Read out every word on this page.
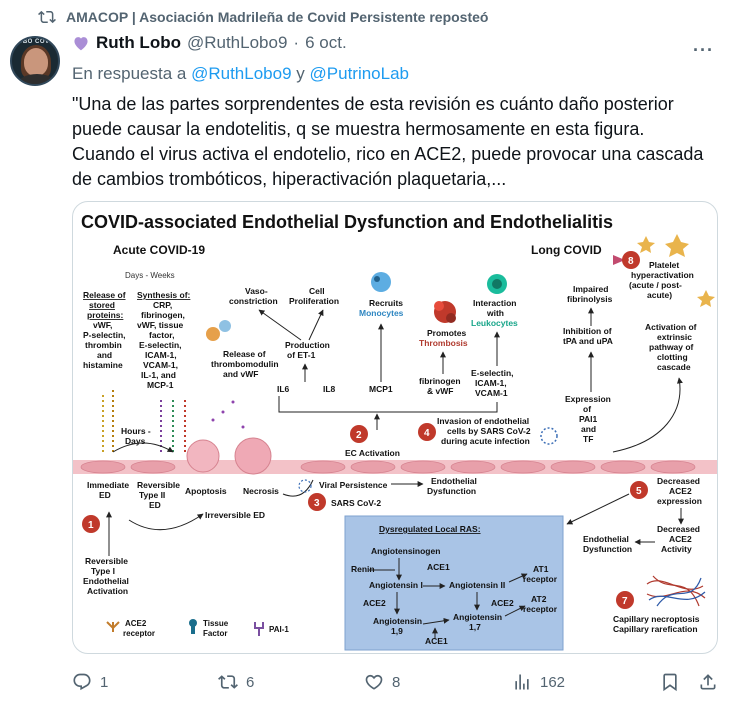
AMACOP | Asociación Madrileña de Covid Persistente reposteó
LOBO COVID Ruth Lobo @RuthLobo9 · 6 oct.	···
En respuesta a @RuthLobo9 y @PutrinoLab
"Una de las partes sorprendentes de esta revisión es cuánto daño posterior
puede causar la endotelitis, q se muestra hermosamente en esta figura.
Cuando el virus activa el endotelio, rico en ACE2, puede provocar una cascada
de cambios trombóticos, hiperactivación plaquetaria,...
COVID-associated Endothelial Dysfunction and Endothelialitis
Acute COVID-19	Long COVID
Days - Weeks
Release of
stored
proteins:
vWF,
P-selectin,
thrombin
and
histamine
Synthesis of:
CRP,
fibrinogen,
vWF, tissue
factor,
E-selectin,
ICAM-1,
VCAM-1,
IL-1, and
MCP-1
Release of
thrombomodulin
and vWF
Vaso-
constriction
Cell
Proliferation
Production
of ET-1
IL6	IL8	MCP1
Recruits
Monocytes
Promotes
Thrombosis
fibrinogen
& vWF
Interaction
with
Leukocytes
E-selectin,
ICAM-1,
VCAM-1
Impaired
fibrinolysis
Inhibition of
tPA and uPA
Expression
of
PAI1
and
TF
Platelet
hyperactivation
(acute / post-
acute)
Activation of
extrinsic
pathway of
clotting
cascade
Invasion of endothelial
cells by SARS CoV-2
during acute infection
EC Activation
1
2
3
4
5
7
8
Apoptosis Necrosis
Hours -
Days
Immediate
ED
Reversible
Type II
ED
Viral Persistence	Endothelial
Dysfunction
SARS CoV-2
Irreversible ED
Reversible
Type I
Endothelial
Activation
Dysregulated Local RAS:
Angiotensinogen
Renin	ACE1
Angiotensin I	Angiotensin II
AT1
receptor
ACE2	ACE2
Angiotensin
1,9
Angiotensin
1,7
AT2
receptor
ACE1
Decreased
ACE2
expression
Decreased
ACE2
Activity
Endothelial
Dysfunction
Capillary necroptosis
Capillary rarefication
ACE2
receptor
Tissue
Factor	PAI-1
1	6	8	162
